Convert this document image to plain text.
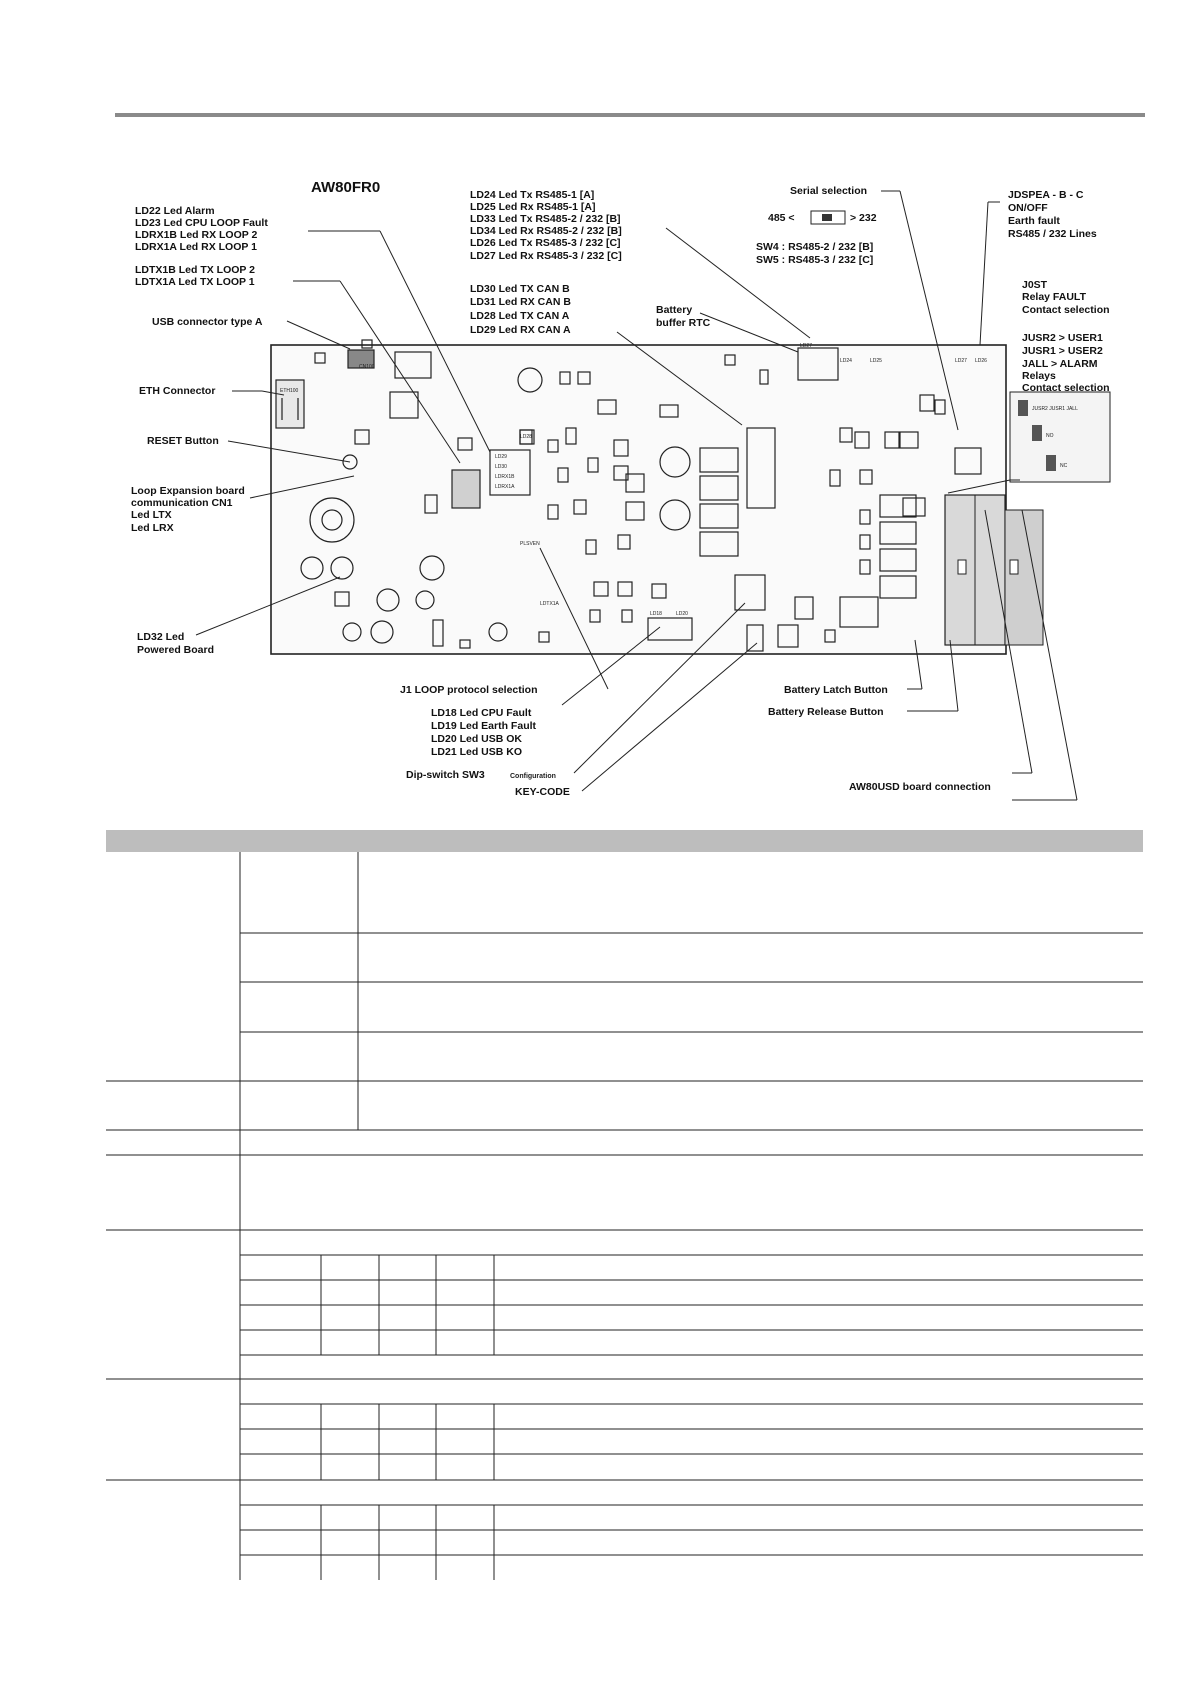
AW80FR0
JUSR2 JUSR1 JALL
NO
NC
CN100
ETH100
LD28
LD29
LD30
LDRX1B
LDRX1A
PLSVEN
LDTX1A
LD18	LD20
LD27
LD24	LD25	LD27 LD26
LD22 Led Alarm
LD23 Led CPU LOOP Fault
LDRX1B Led RX LOOP 2
LDRX1A Led RX LOOP 1
LDTX1B Led TX LOOP 2
LDTX1A Led TX LOOP 1
USB connector type A
ETH Connector
RESET Button
Loop Expansion board
communication CN1
Led LTX
Led LRX
LD32 Led
Powered Board
LD24 Led Tx RS485-1 [A]
LD25 Led Rx RS485-1 [A]
LD33 Led Tx RS485-2 / 232 [B]
LD34 Led Rx RS485-2 / 232 [B]
LD26 Led Tx RS485-3 / 232 [C]
LD27 Led Rx RS485-3 / 232 [C]
LD30 Led TX CAN B
LD31 Led RX CAN B
LD28 Led TX CAN A
LD29 Led RX CAN A
Battery
buffer RTC
Serial selection
485 <	> 232
SW4 : RS485-2 / 232 [B]
SW5 : RS485-3 / 232 [C]
JDSPEA - B - C
ON/OFF
Earth fault
RS485 / 232 Lines
J0ST
Relay FAULT
Contact selection
JUSR2 > USER1
JUSR1 > USER2
JALL > ALARM
Relays
Contact selection
J1 LOOP protocol selection
LD18 Led CPU Fault
LD19 Led Earth Fault
LD20 Led USB OK
LD21 Led USB KO
Dip-switch SW3	Configuration
KEY-CODE
Battery Latch Button
Battery Release Button
AW80USD board connection
